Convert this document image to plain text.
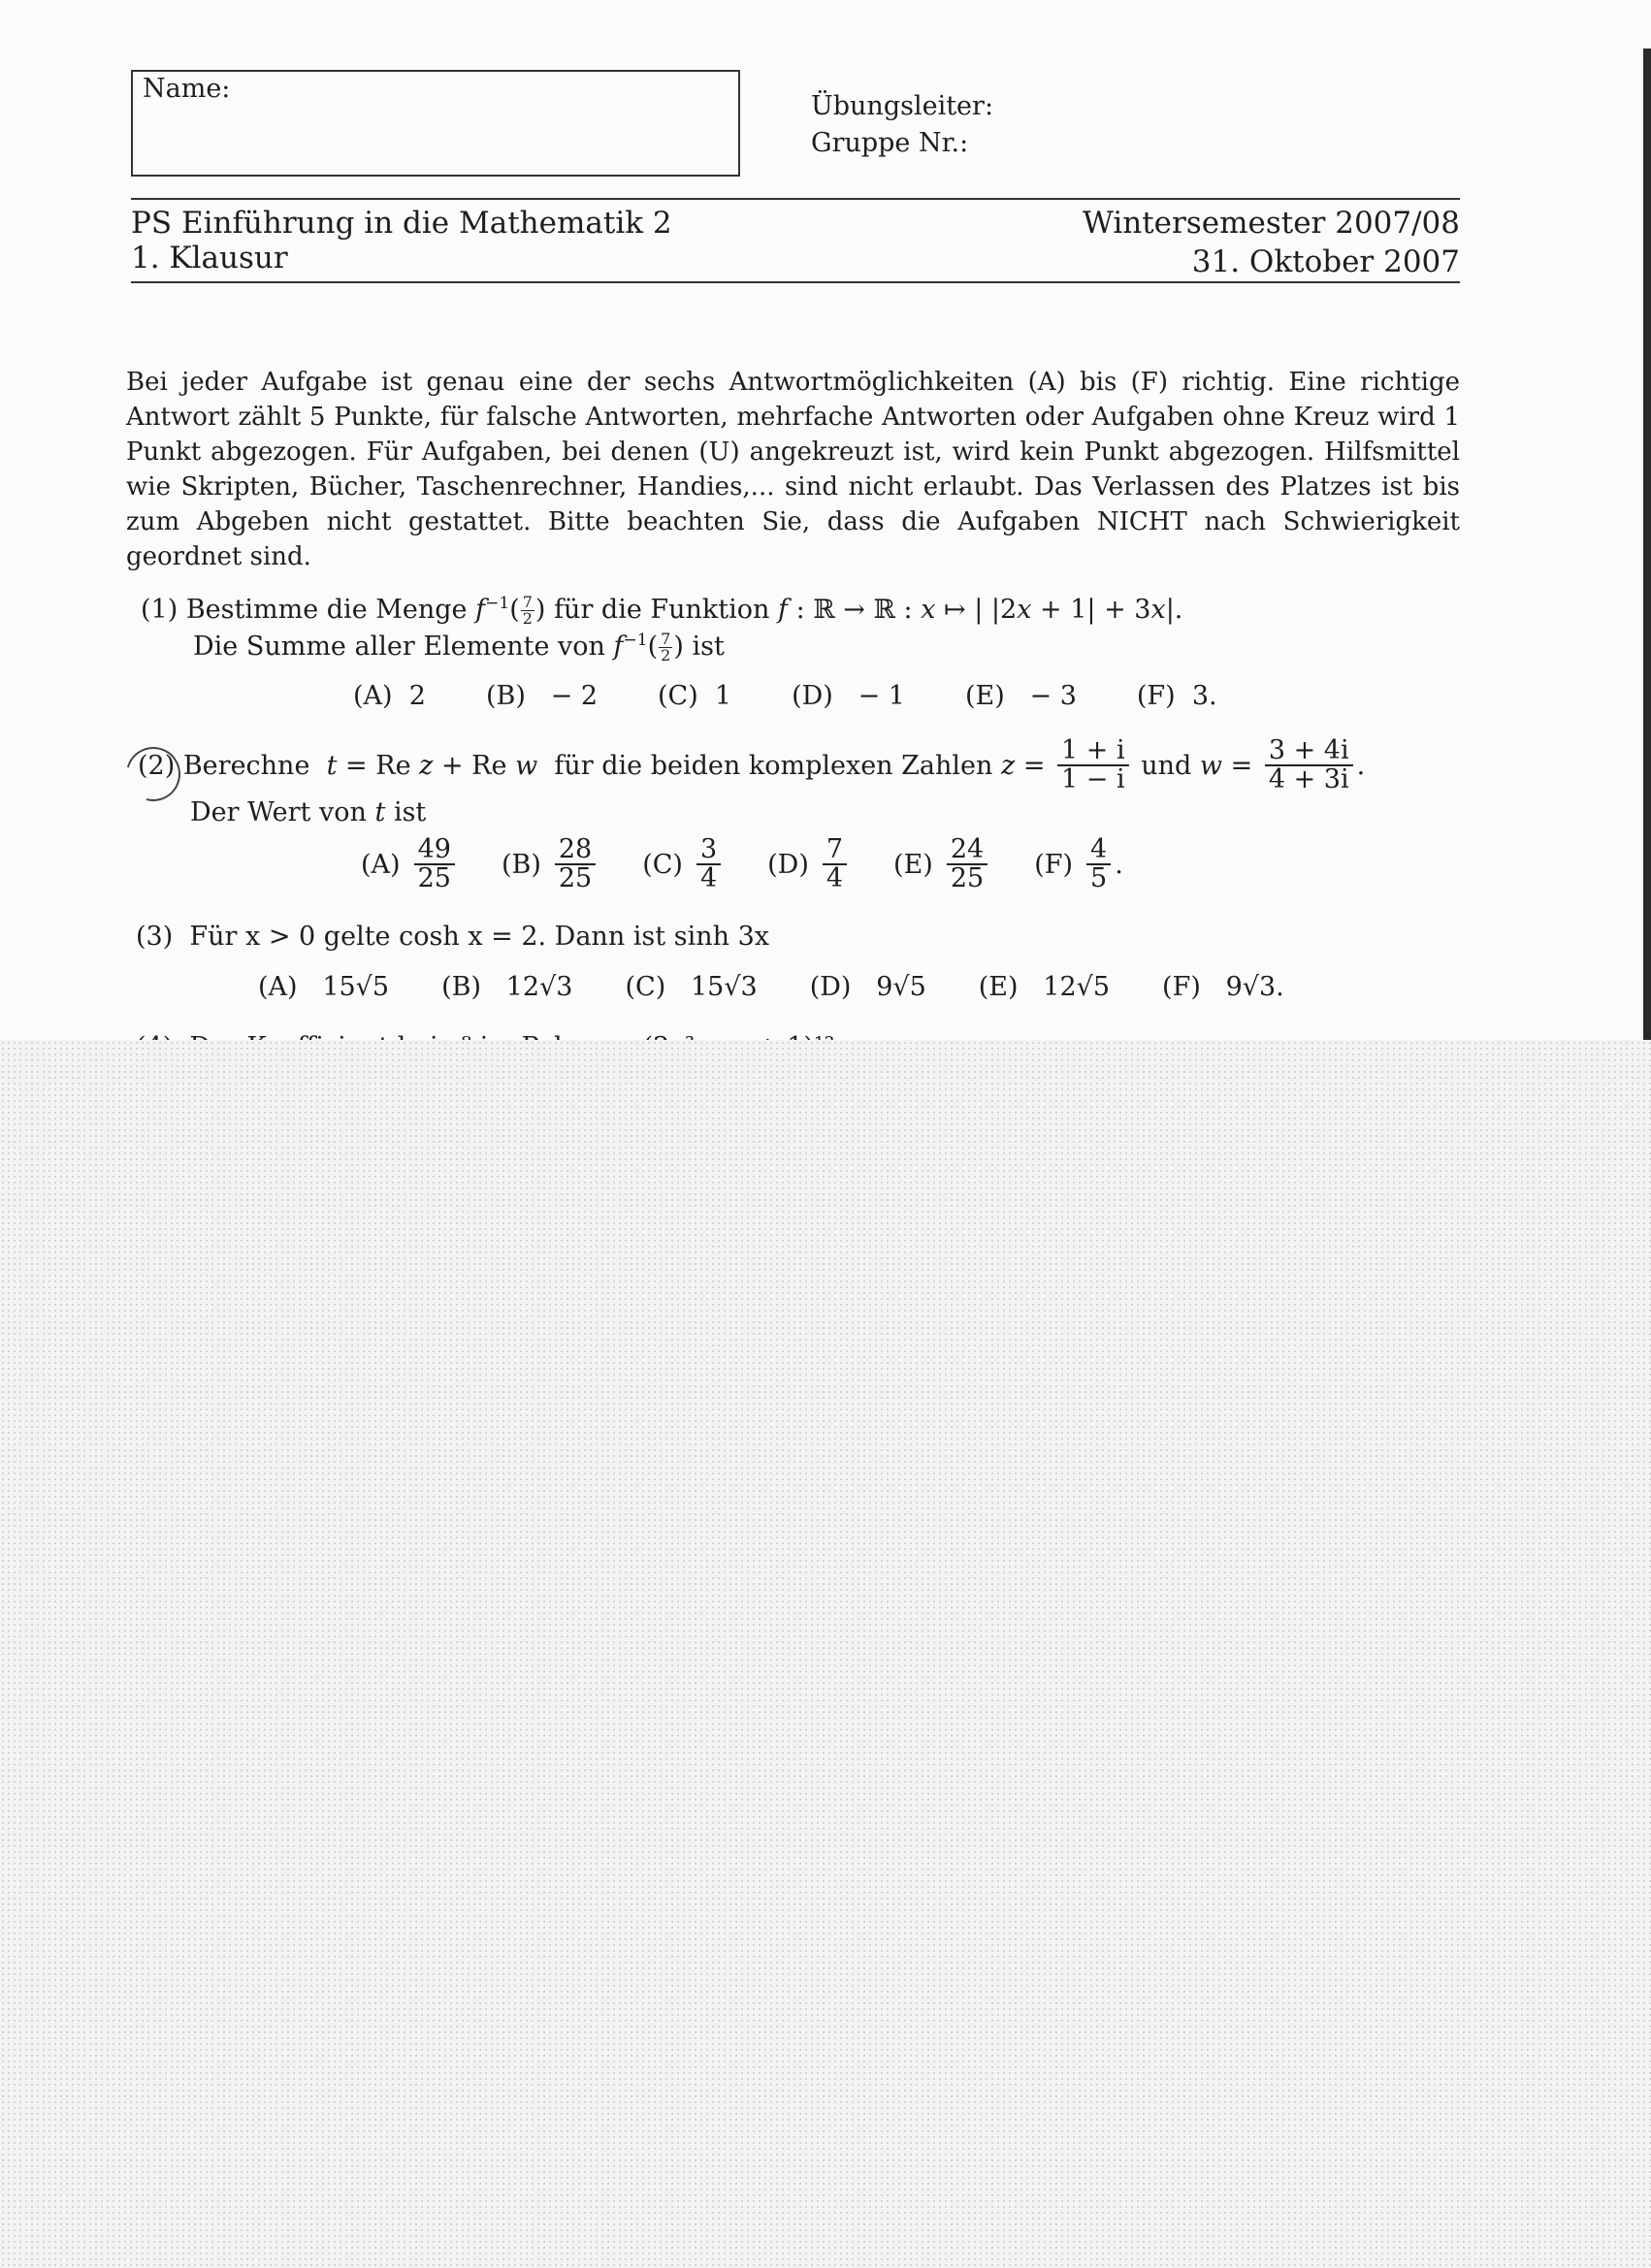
Name:
Übungsleiter:
Gruppe Nr.:
PS Einführung in die Mathematik 2
1. Klausur
Wintersemester 2007/08
31. Oktober 2007
Bei jeder Aufgabe ist genau eine der sechs Antwortmöglichkeiten (A) bis (F) richtig. Eine richtige Antwort zählt 5 Punkte, für falsche Antworten, mehrfache Antworten oder Aufgaben ohne Kreuz wird 1 Punkt abgezogen. Für Aufgaben, bei denen (U) angekreuzt ist, wird kein Punkt abgezogen. Hilfsmittel wie Skripten, Bücher, Taschenrechner, Handies,... sind nicht erlaubt. Das Verlassen des Platzes ist bis zum Abgeben nicht gestattet. Bitte beachten Sie, dass die Aufgaben NICHT nach Schwierigkeit geordnet sind.
(1) Bestimme die Menge $f^{-1}( \frac{7}{2}$ ) für die Funktion f : ℝ → ℝ : x ↦ | |2x + 1| + 3x|.
Die Summe aller Elemente von $f^{-1}( \frac{7}{2}$ ) ist
(A) 2 (B) − 2 (C) 1 (D) − 1 (E) − 3 (F) 3.
(2)
Berechne
t = Re z + Re w
für die beiden komplexen Zahlen
$z = \frac{1 + i}{1 - i}$
und
$w = \frac{3 + 4i}{4 + 3i}$ .
Der Wert von t ist
$(A) \frac{49}{25} (B) \frac{28}{25} (C) \frac{3}{4} (D) \frac{7}{4} (E) \frac{24}{25} (F) \frac{4}{5}$ .
(3) Für x > 0 gelte cosh x = 2. Dann ist sinh 3x
(A) 15√5 (B) 12√3 (C) 15√3 (D) 9√5 (E) 12√5 (F) 9√3.
